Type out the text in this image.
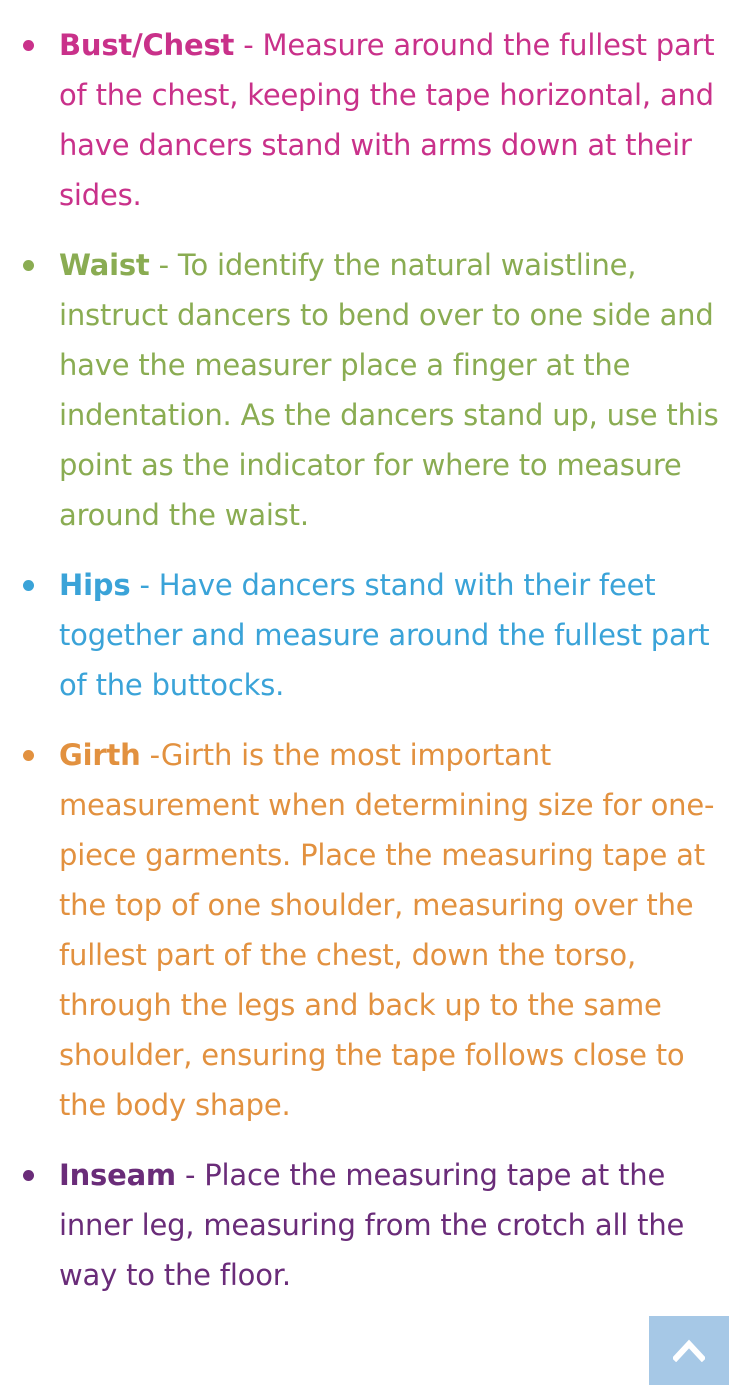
Bust/Chest - Measure around the fullest part of the chest, keeping the tape horizontal, and have dancers stand with arms down at their sides.
Waist - To identify the natural waistline, instruct dancers to bend over to one side and have the measurer place a finger at the indentation. As the dancers stand up, use this point as the indicator for where to measure around the waist.
Hips - Have dancers stand with their feet together and measure around the fullest part of the buttocks.
Girth -Girth is the most important measurement when determining size for one-piece garments. Place the measuring tape at the top of one shoulder, measuring over the fullest part of the chest, down the torso, through the legs and back up to the same shoulder, ensuring the tape follows close to the body shape.
Inseam - Place the measuring tape at the inner leg, measuring from the crotch all the way to the floor.
